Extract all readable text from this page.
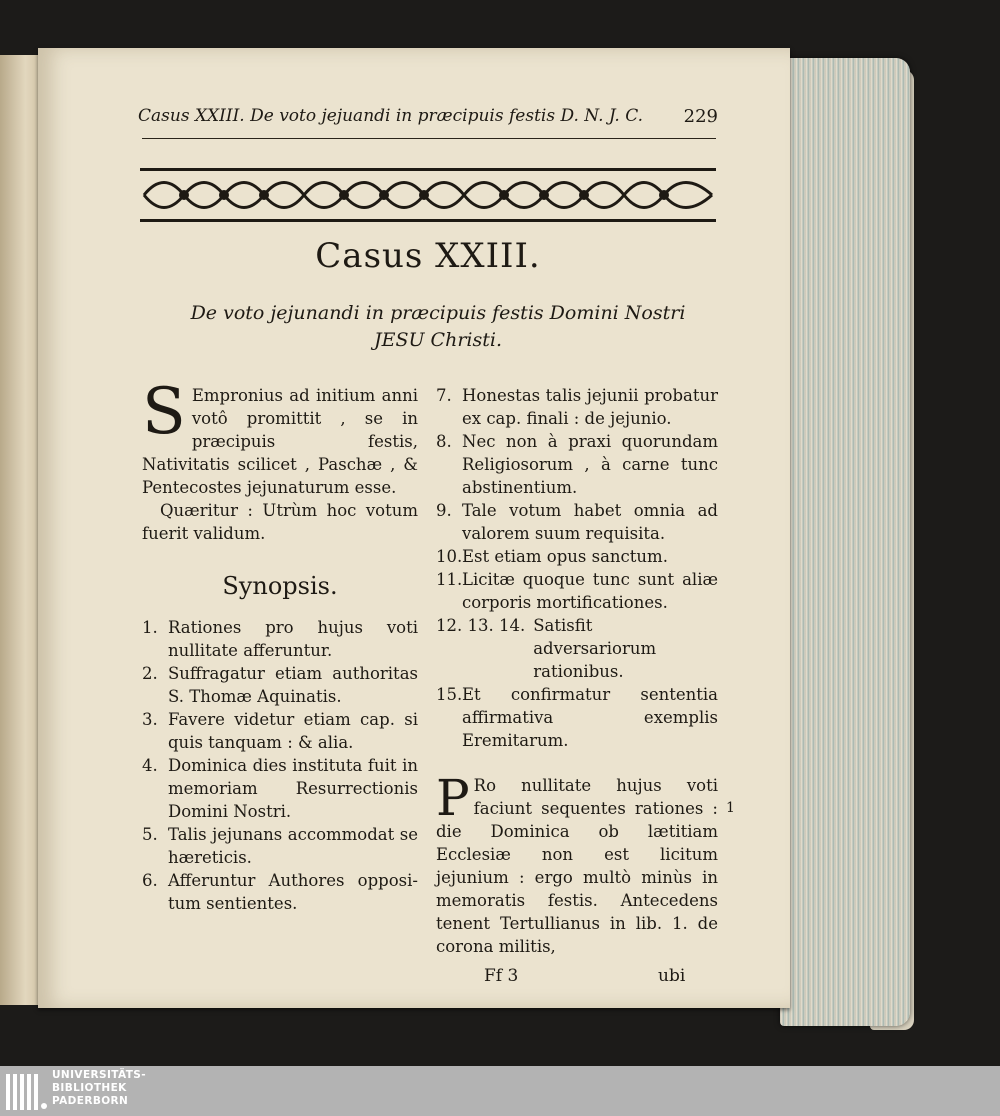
Casus XXIII. De voto jejuandi in præcipuis festis D. N. J. C. 229
Casus XXIII.
De voto jejunandi in præcipuis festis Domini Nostri JESU Christi.

S Empronius ad initium anni votô promittit , se in præcipuis festis, Nativitatis scilicet , Paschæ , & Pentecostes jejunaturum esse.

Quæritur : Utrùm hoc votum fuerit validum.

Synopsis.
1. Rationes pro hujus voti nullitate afferuntur.
2. Suffragatur etiam authoritas S. Thomæ Aquinatis.
3. Favere videtur etiam cap. si quis tanquam : & alia.
4. Dominica dies instituta fuit in memoriam Resurrectionis Domini Nostri.
5. Talis jejunans accommodat se hæreticis.
6. Afferuntur Authores oppositum sentientes.
7. Honestas talis jejunii probatur ex cap. finali : de jejunio.
8. Nec non à praxi quorundam Religiosorum , à carne tunc abstinentium.
9. Tale votum habet omnia ad valorem suum requisita.
10. Est etiam opus sanctum.
11. Licitæ quoque tunc sunt aliæ corporis mortificationes.
12. 13. 14. Satisfit adversariorum rationibus.
15. Et confirmatur sententia affirmativa exemplis Eremitarum.

P Ro nullitate hujus voti faciunt sequentes rationes : die Dominica ob lætitiam Ecclesiæ non est licitum jejunium : ergo multò minùs in memoratis festis. Antecedens tenent Tertullianus in lib. 1. de corona militis,

1
Ff 3	ubi
UNIVERSITÄTS-
BIBLIOTHEK
PADERBORN
